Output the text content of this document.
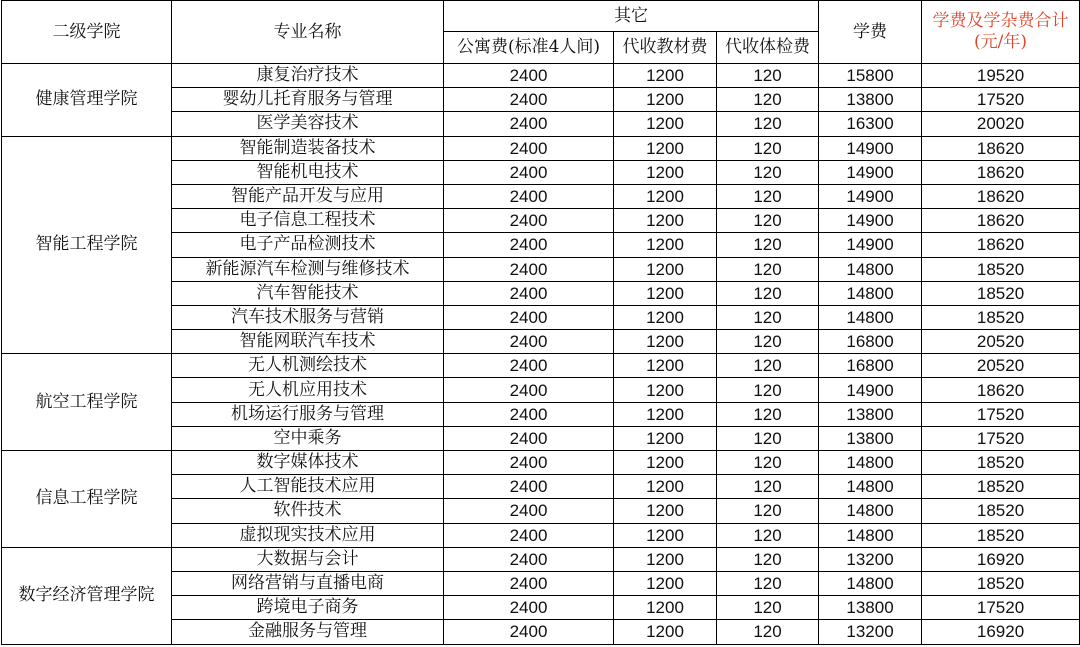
二级学院	专业名称	其它			学费	学费及学杂费合计
(元/年)

		公寓费(标准4人间)	代收教材费	代收体检费		
健康管理学院	康复治疗技术	2400	1200	120	15800	19520
	婴幼儿托育服务与管理	2400	1200	120	13800	17520
	医学美容技术	2400	1200	120	16300	20020
智能工程学院	智能制造装备技术	2400	1200	120	14900	18620
	智能机电技术	2400	1200	120	14900	18620
	智能产品开发与应用	2400	1200	120	14900	18620
	电子信息工程技术	2400	1200	120	14900	18620
	电子产品检测技术	2400	1200	120	14900	18620
	新能源汽车检测与维修技术	2400	1200	120	14800	18520
	汽车智能技术	2400	1200	120	14800	18520
	汽车技术服务与营销	2400	1200	120	14800	18520
	智能网联汽车技术	2400	1200	120	16800	20520
航空工程学院	无人机测绘技术	2400	1200	120	16800	20520
	无人机应用技术	2400	1200	120	14900	18620
	机场运行服务与管理	2400	1200	120	13800	17520
	空中乘务	2400	1200	120	13800	17520
信息工程学院	数字媒体技术	2400	1200	120	14800	18520
	人工智能技术应用	2400	1200	120	14800	18520
	软件技术	2400	1200	120	14800	18520
	虚拟现实技术应用	2400	1200	120	14800	18520
数字经济管理学院	大数据与会计	2400	1200	120	13200	16920
	网络营销与直播电商	2400	1200	120	14800	18520
	跨境电子商务	2400	1200	120	13800	17520
	金融服务与管理	2400	1200	120	13200	16920
